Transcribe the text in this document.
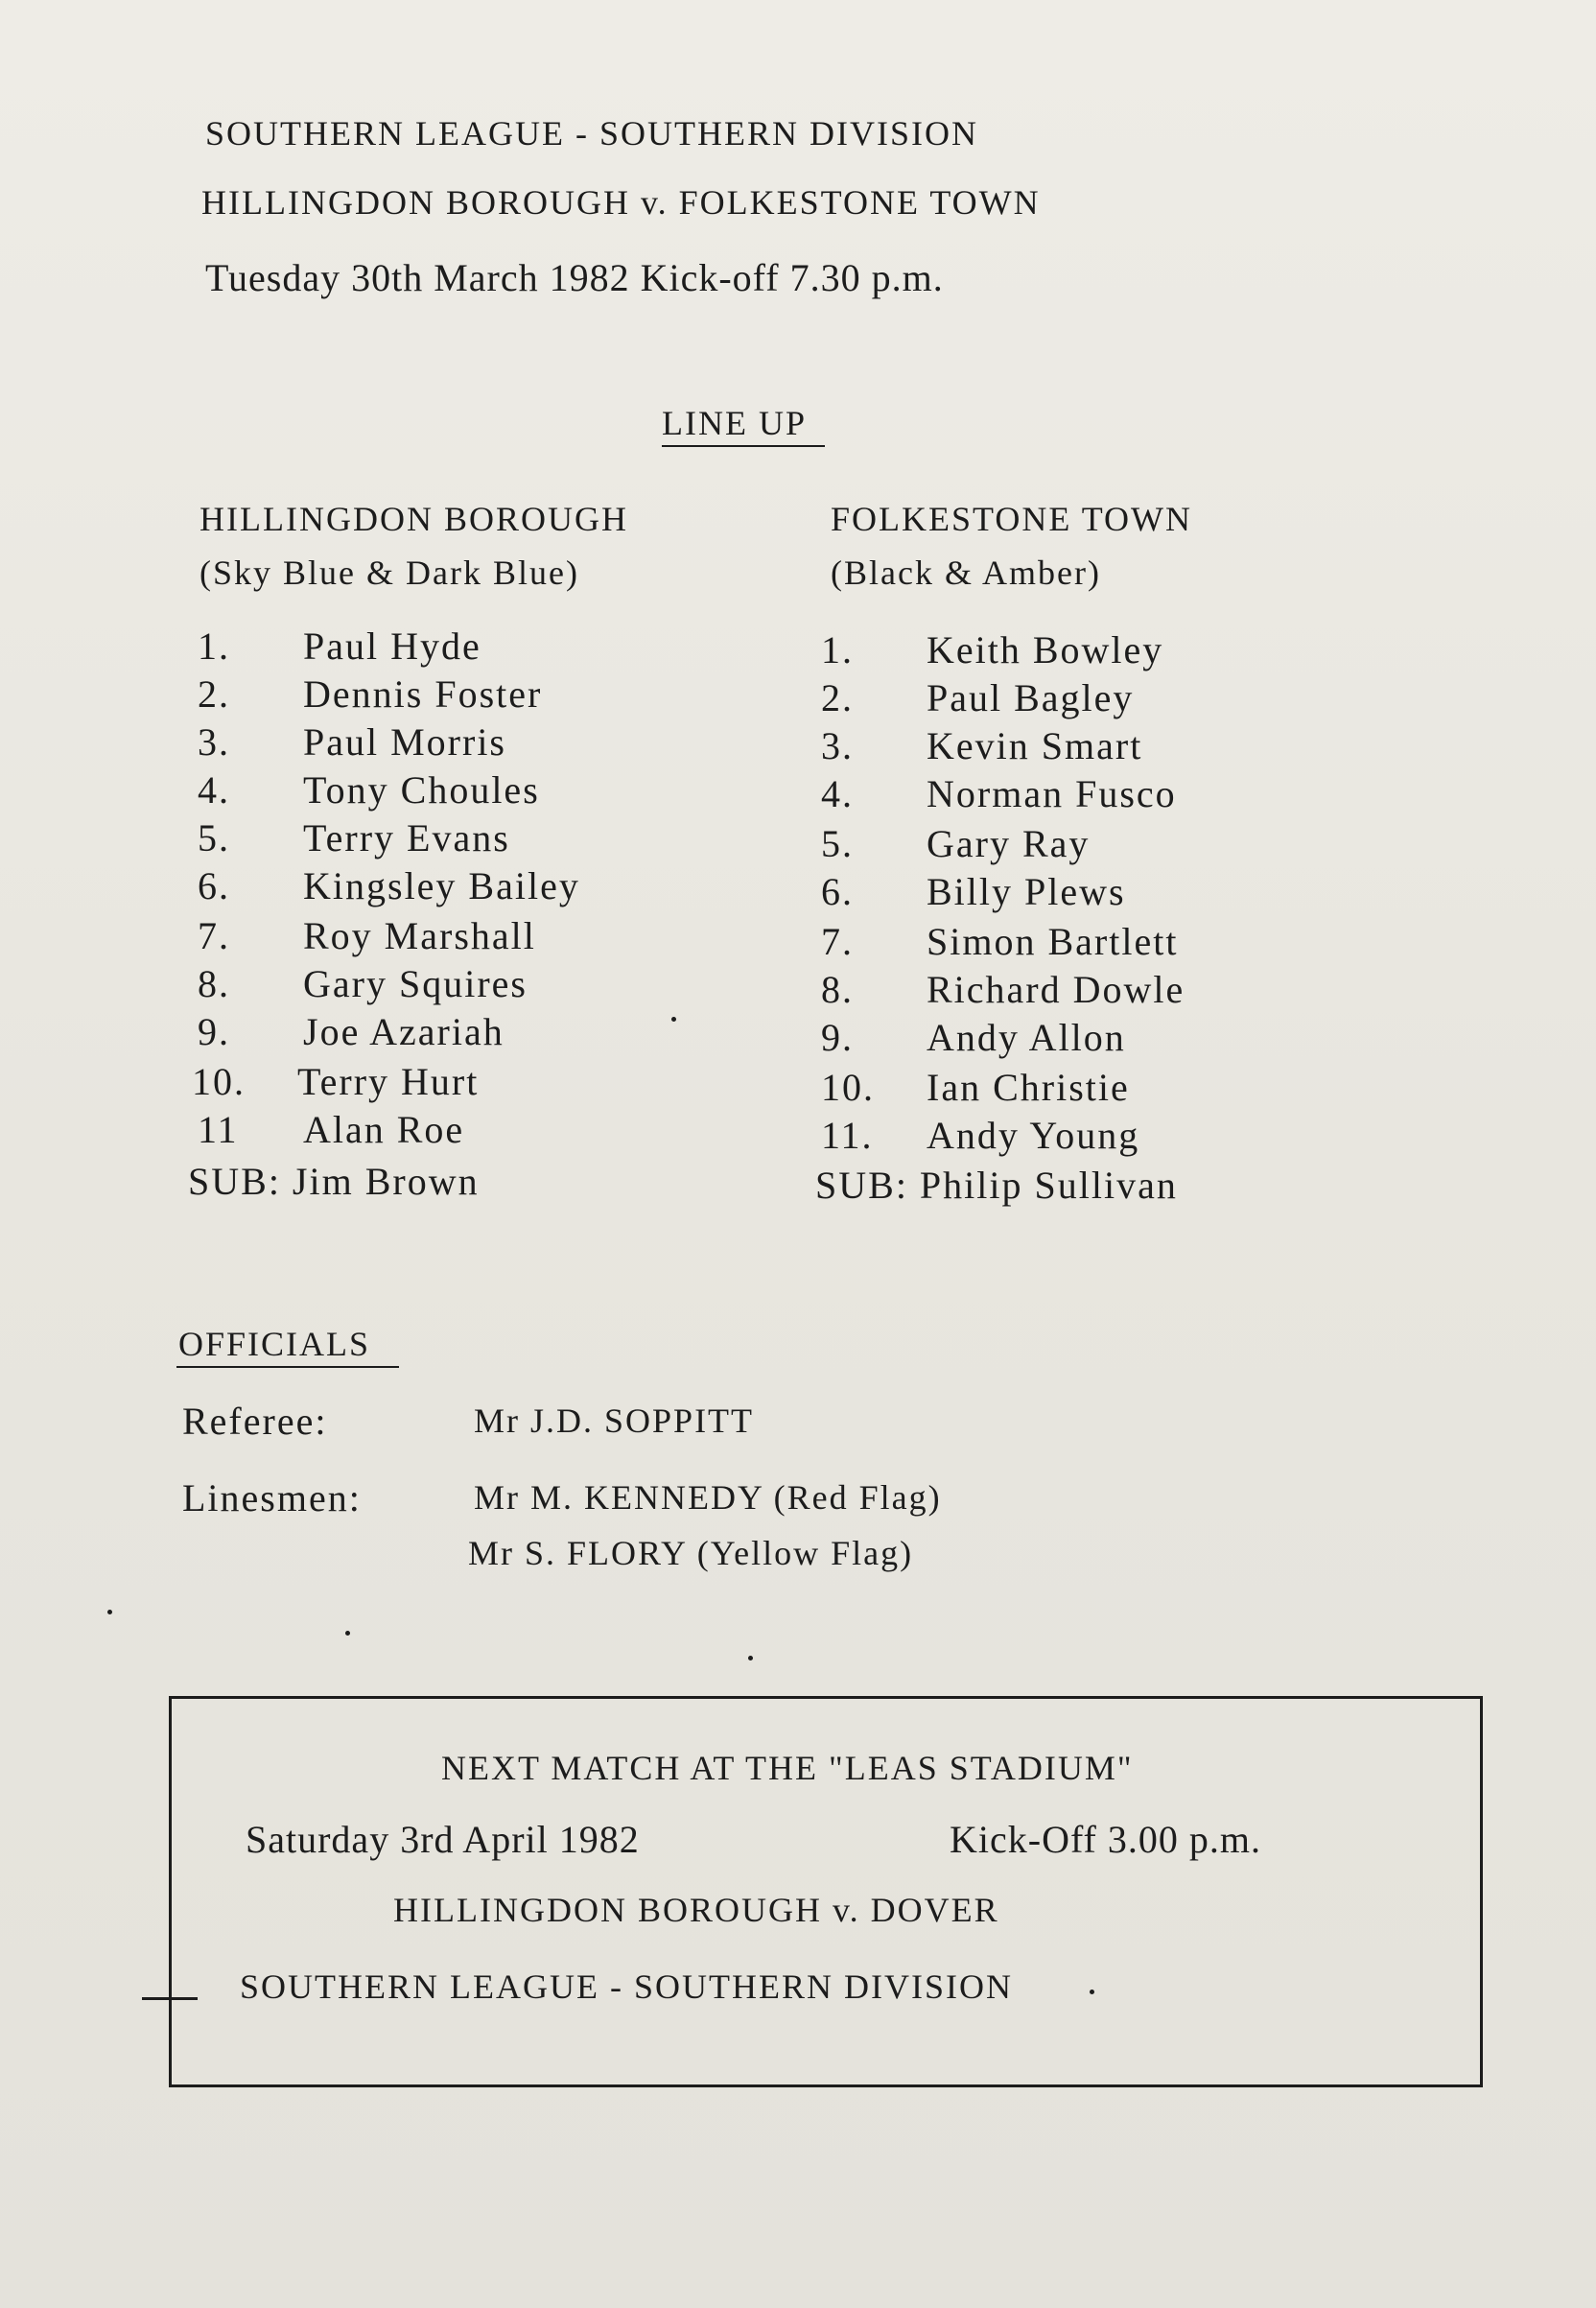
SOUTHERN LEAGUE - SOUTHERN DIVISION
HILLINGDON BOROUGH v. FOLKESTONE TOWN
Tuesday 30th March 1982 Kick-off 7.30 p.m.
LINE UP
HILLINGDON BOROUGH
(Sky Blue & Dark Blue)
FOLKESTONE TOWN
(Black & Amber)
1. Paul Hyde
2. Dennis Foster
3. Paul Morris
4. Tony Choules
5. Terry Evans
6. Kingsley Bailey
7. Roy Marshall
8. Gary Squires
9. Joe Azariah
10. Terry Hurt
11 Alan Roe
SUB: Jim Brown
1. Keith Bowley
2. Paul Bagley
3. Kevin Smart
4. Norman Fusco
5. Gary Ray
6. Billy Plews
7. Simon Bartlett
8. Richard Dowle
9. Andy Allon
10. Ian Christie
11. Andy Young
SUB: Philip Sullivan
OFFICIALS
Referee:	Mr J.D. SOPPITT
Linesmen:	Mr M. KENNEDY (Red Flag)
Mr S. FLORY (Yellow Flag)
NEXT MATCH AT THE "LEAS STADIUM"
Saturday 3rd April 1982	Kick-Off 3.00 p.m.
HILLINGDON BOROUGH v. DOVER
SOUTHERN LEAGUE - SOUTHERN DIVISION
